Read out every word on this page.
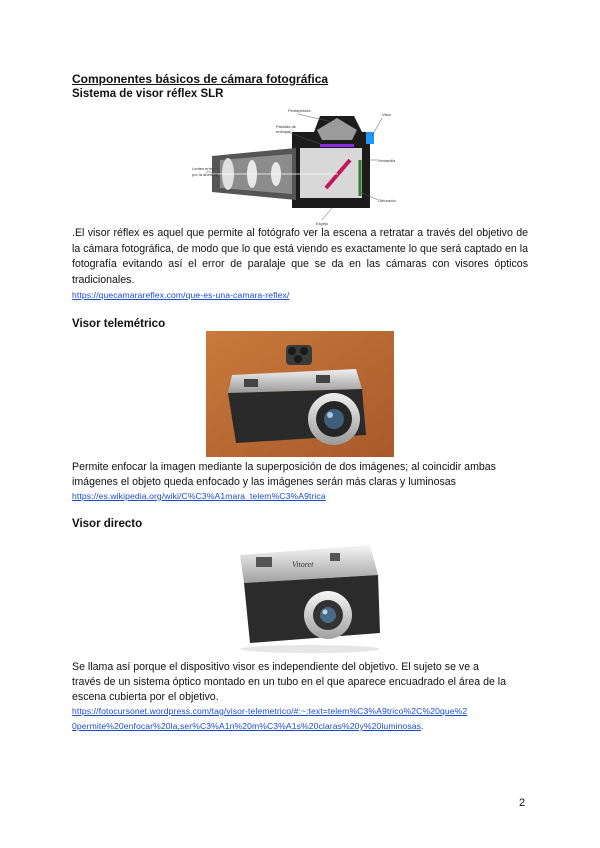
Componentes básicos de cámara fotográfica
Sistema de visor réflex SLR
Pentaprisma
Pantalla de
enfoque
Visor
Ventanilla
Obturador
Espejo
Lentes enfoc.
por la abertura
.El visor réflex es aquel que permite al fotógrafo ver la escena a retratar a través del objetivo de la cámara fotográfica, de modo que lo que está viendo es exactamente lo que será captado en la fotografía evitando así el error de paralaje que se da en las cámaras con visores ópticos tradicionales.
https://quecamarareflex.com/que-es-una-camara-reflex/
Visor telemétrico
Permite enfocar la imagen mediante la superposición de dos imágenes; al coincidir ambas
imágenes el objeto queda enfocado y las imágenes serán más claras y luminosas
https://es.wikipedia.org/wiki/C%C3%A1mara_telem%C3%A9trica
Visor directo
Vitoret
Se llama así porque el dispositivo visor es independiente del objetivo. El sujeto se ve a
través de un sistema óptico montado en un tubo en el que aparece encuadrado el área de la
escena cubierta por el objetivo.
https://fotocursonet.wordpress.com/tag/visor-telemetrico/#:~:text=telem%C3%A9trico%2C%20que%2
0permite%20enfocar%20la,ser%C3%A1n%20m%C3%A1s%20claras%20y%20luminosas.
2
